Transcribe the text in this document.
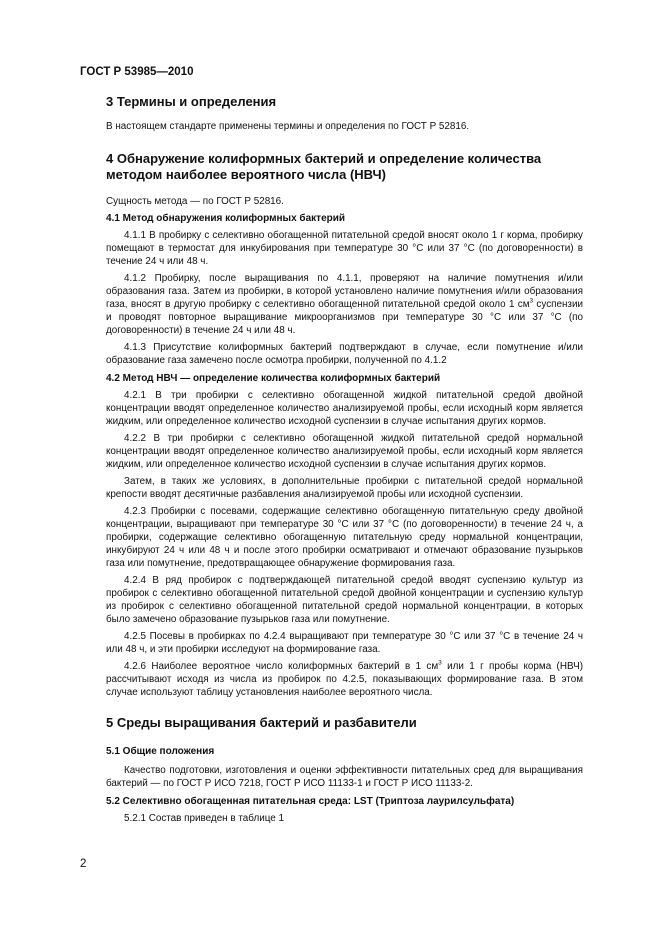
ГОСТ Р 53985—2010
3 Термины и определения

В настоящем стандарте применены термины и определения по ГОСТ Р 52816.

4 Обнаружение колиформных бактерий и определение количества методом наиболее вероятного числа (НВЧ)

Сущность метода — по ГОСТ Р 52816.

4.1 Метод обнаружения колиформных бактерий

4.1.1 В пробирку с селективно обогащенной питательной средой вносят около 1 г корма, пробирку помещают в термостат для инкубирования при температуре 30 °С или 37 °С (по договоренности) в течение 24 ч или 48 ч.

4.1.2 Пробирку, после выращивания по 4.1.1, проверяют на наличие помутнения и/или образования газа. Затем из пробирки, в которой установлено наличие помутнения и/или образования газа, вносят в другую пробирку с селективно обогащенной питательной средой около 1 $см^3$ суспензии и проводят повторное выращивание микроорганизмов при температуре 30 °С или 37 °С (по договоренности) в течение 24 ч или 48 ч.

4.1.3 Присутствие колиформных бактерий подтверждают в случае, если помутнение и/или образование газа замечено после осмотра пробирки, полученной по 4.1.2

4.2 Метод НВЧ — определение количества колиформных бактерий

4.2.1 В три пробирки с селективно обогащенной жидкой питательной средой двойной концентрации вводят определенное количество анализируемой пробы, если исходный корм является жидким, или определенное количество исходной суспензии в случае испытания других кормов.

4.2.2 В три пробирки с селективно обогащенной жидкой питательной средой нормальной концентрации вводят определенное количество анализируемой пробы, если исходный корм является жидким, или определенное количество исходной суспензии в случае испытания других кормов.

Затем, в таких же условиях, в дополнительные пробирки с питательной средой нормальной крепости вводят десятичные разбавления анализируемой пробы или исходной суспензии.

4.2.3 Пробирки с посевами, содержащие селективно обогащенную питательную среду двойной концентрации, выращивают при температуре 30 °С или 37 °С (по договоренности) в течение 24 ч, а пробирки, содержащие селективно обогащенную питательную среду нормальной концентрации, инкубируют 24 ч или 48 ч и после этого пробирки осматривают и отмечают образование пузырьков газа или помутнение, предотвращающее обнаружение формирования газа.

4.2.4 В ряд пробирок с подтверждающей питательной средой вводят суспензию культур из пробирок с селективно обогащенной питательной средой двойной концентрации и суспензию культур из пробирок с селективно обогащенной питательной средой нормальной концентрации, в которых было замечено образование пузырьков газа или помутнение.

4.2.5 Посевы в пробирках по 4.2.4 выращивают при температуре 30 °С или 37 °С в течение 24 ч или 48 ч, и эти пробирки исследуют на формирование газа.

4.2.6 Наиболее вероятное число колиформных бактерий в 1 $см^3$ или 1 г пробы корма (НВЧ) рассчитывают исходя из числа из пробирок по 4.2.5, показывающих формирование газа. В этом случае используют таблицу установления наиболее вероятного числа.

5 Среды выращивания бактерий и разбавители
5.1 Общие положения

Качество подготовки, изготовления и оценки эффективности питательных сред для выращивания бактерий — по ГОСТ Р ИСО 7218, ГОСТ Р ИСО 11133-1 и ГОСТ Р ИСО 11133-2.

5.2 Селективно обогащенная питательная среда: LST (Триптоза лаурилсульфата)

5.2.1 Состав приведен в таблице 1

2
